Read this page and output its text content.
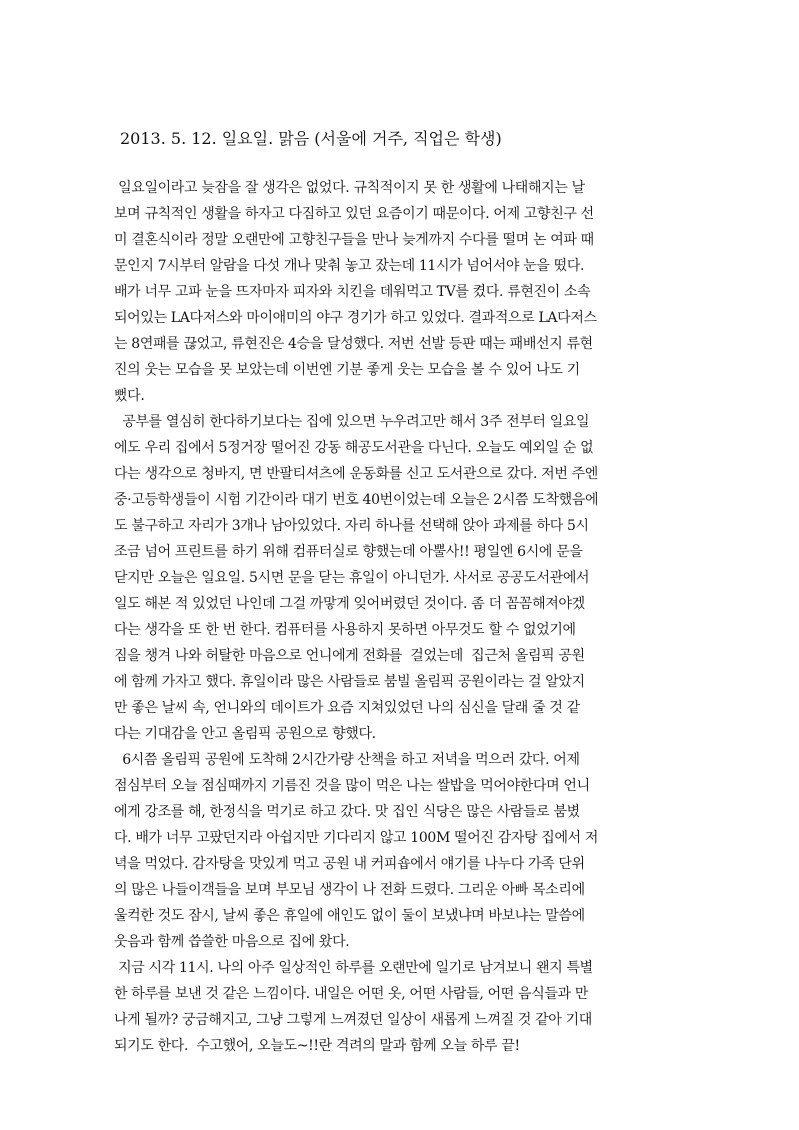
2013. 5. 12. 일요일. 맑음 (서울에 거주, 직업은 학생)
일요일이라고 늦잠을 잘 생각은 없었다. 규칙적이지 못 한 생활에 나태해지는 날
보며 규칙적인 생활을 하자고 다짐하고 있던 요즘이기 때문이다. 어제 고향친구 선
미 결혼식이라 정말 오랜만에 고향친구들을 만나 늦게까지 수다를 떨며 논 여파 때
문인지 7시부터 알람을 다섯 개나 맞춰 놓고 잤는데 11시가 넘어서야 눈을 떴다.
배가 너무 고파 눈을 뜨자마자 피자와 치킨을 데워먹고 TV를 켰다. 류현진이 소속
되어있는 LA다저스와 마이애미의 야구 경기가 하고 있었다. 결과적으로 LA다저스
는 8연패를 끊었고, 류현진은 4승을 달성했다. 저번 선발 등판 때는 패배선지 류현
진의 웃는 모습을 못 보았는데 이번엔 기분 좋게 웃는 모습을 볼 수 있어 나도 기
뻤다.
공부를 열심히 한다하기보다는 집에 있으면 누우려고만 해서 3주 전부터 일요일
에도 우리 집에서 5정거장 떨어진 강동 해공도서관을 다닌다. 오늘도 예외일 순 없
다는 생각으로 청바지, 면 반팔티셔츠에 운동화를 신고 도서관으로 갔다. 저번 주엔
중·고등학생들이 시험 기간이라 대기 번호 40번이었는데 오늘은 2시쯤 도착했음에
도 불구하고 자리가 3개나 남아있었다. 자리 하나를 선택해 앉아 과제를 하다 5시
조금 넘어 프린트를 하기 위해 컴퓨터실로 향했는데 아뿔사!! 평일엔 6시에 문을
닫지만 오늘은 일요일. 5시면 문을 닫는 휴일이 아니던가. 사서로 공공도서관에서
일도 해본 적 있었던 나인데 그걸 까맣게 잊어버렸던 것이다. 좀 더 꼼꼼해져야겠
다는 생각을 또 한 번 한다. 컴퓨터를 사용하지 못하면 아무것도 할 수 없었기에
짐을 챙겨 나와 허탈한 마음으로 언니에게 전화를  걸었는데  집근처 올림픽 공원
에 함께 가자고 했다. 휴일이라 많은 사람들로 붐빌 올림픽 공원이라는 걸 알았지
만 좋은 날씨 속, 언니와의 데이트가 요즘 지쳐있었던 나의 심신을 달래 줄 것 같
다는 기대감을 안고 올림픽 공원으로 향했다.
6시쯤 올림픽 공원에 도착해 2시간가량 산책을 하고 저녁을 먹으러 갔다. 어제
점심부터 오늘 점심때까지 기름진 것을 많이 먹은 나는 쌀밥을 먹어야한다며 언니
에게 강조를 해, 한정식을 먹기로 하고 갔다. 맛 집인 식당은 많은 사람들로 붐볐
다. 배가 너무 고팠던지라 아쉽지만 기다리지 않고 100M 떨어진 감자탕 집에서 저
녁을 먹었다. 감자탕을 맛있게 먹고 공원 내 커피숍에서 얘기를 나누다 가족 단위
의 많은 나들이객들을 보며 부모님 생각이 나 전화 드렸다. 그리운 아빠 목소리에
울컥한 것도 잠시, 날씨 좋은 휴일에 애인도 없이 둘이 보냈냐며 바보냐는 말씀에
웃음과 함께 씁쓸한 마음으로 집에 왔다.
지금 시각 11시. 나의 아주 일상적인 하루를 오랜만에 일기로 남겨보니 왠지 특별
한 하루를 보낸 것 같은 느낌이다. 내일은 어떤 옷, 어떤 사람들, 어떤 음식들과 만
나게 될까? 궁금해지고, 그냥 그렇게 느껴졌던 일상이 새롭게 느껴질 것 같아 기대
되기도 한다.  수고했어, 오늘도~!!란 격려의 말과 함께 오늘 하루 끝!
